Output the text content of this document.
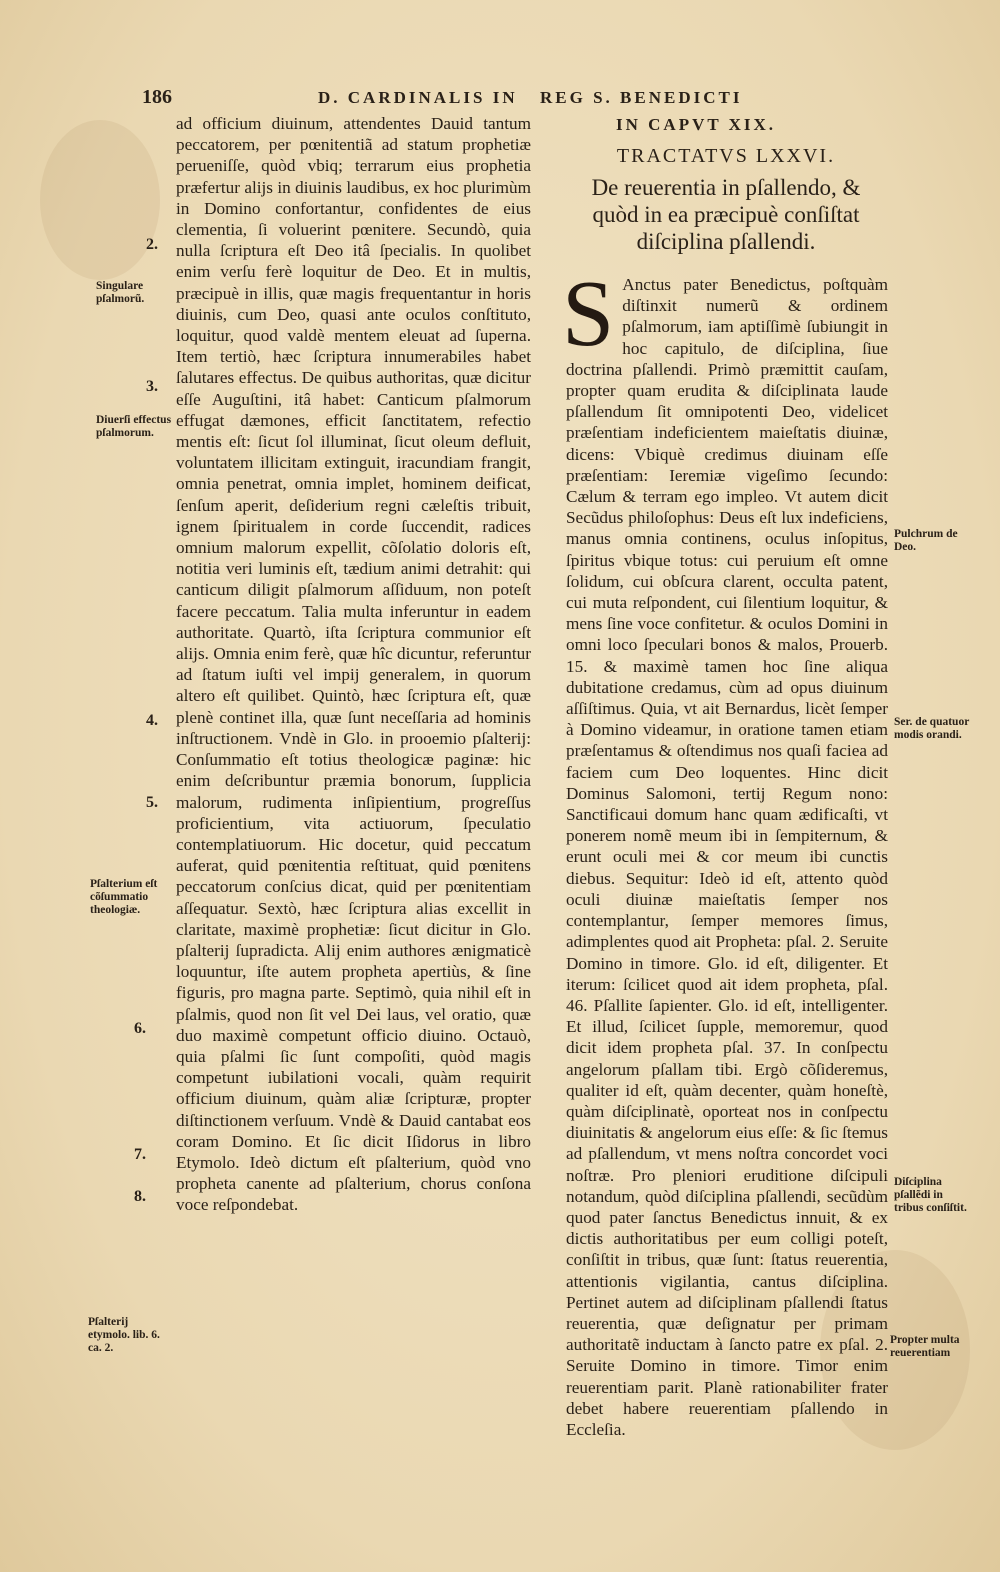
186	D. CARDINALIS IN REG S. BENEDICTI

ad officium diuinum, attendentes Dauid tantum peccatorem, per pœnitentiã ad statum prophetiæ perueniſſe, quòd vbiq; terrarum eius prophetia præfertur alijs in diuinis laudibus, ex hoc plurimùm in Domino confortantur, confidentes de eius clementia, ſi voluerint pœnitere. Secundò, quia nulla ſcriptura eſt Deo itâ ſpecialis. In quolibet enim verſu ferè loquitur de Deo. Et in multis, præcipuè in illis, quæ magis frequentantur in horis diuinis, cum Deo, quasi ante oculos conſtituto, loquitur, quod valdè mentem eleuat ad ſuperna. Item tertiò, hæc ſcriptura innumerabiles habet ſalutares effectus. De quibus authoritas, quæ dicitur eſſe Auguſtini, itâ habet: Canticum pſalmorum effugat dæmones, efficit ſanctitatem, refectio mentis eſt: ſicut ſol illuminat, ſicut oleum defluit, voluntatem illicitam extinguit, iracundiam frangit, omnia penetrat, omnia implet, hominem deificat, ſenſum aperit, deſiderium regni cæleſtis tribuit, ignem ſpiritualem in corde ſuccendit, radices omnium malorum expellit, cõſolatio doloris eſt, notitia veri luminis eſt, tædium animi detrahit: qui canticum diligit pſalmorum aſſiduum, non poteſt facere peccatum. Talia multa inferuntur in eadem authoritate. Quartò, iſta ſcriptura communior eſt alijs. Omnia enim ferè, quæ hîc dicuntur, referuntur ad ſtatum iuſti vel impij generalem, in quorum altero eſt quilibet. Quintò, hæc ſcriptura eſt, quæ plenè continet illa, quæ ſunt neceſſaria ad hominis inſtructionem. Vndè in Glo. in prooemio pſalterij: Conſummatio eſt totius theologicæ paginæ: hic enim deſcribuntur præmia bonorum, ſupplicia malorum, rudimenta inſipientium, progreſſus proficientium, vita actiuorum, ſpeculatio contemplatiuorum. Hic docetur, quid peccatum auferat, quid pœnitentia reſtituat, quid pœnitens peccatorum conſcius dicat, quid per pœnitentiam aſſequatur. Sextò, hæc ſcriptura alias excellit in claritate, maximè prophetiæ: ſicut dicitur in Glo. pſalterij ſupradicta. Alij enim authores ænigmaticè loquuntur, iſte autem propheta apertiùs, & ſine figuris, pro magna parte. Septimò, quia nihil eſt in pſalmis, quod non ſit vel Dei laus, vel oratio, quæ duo maximè competunt officio diuino. Octauò, quia pſalmi ſic ſunt compoſiti, quòd magis competunt iubilationi vocali, quàm requirit officium diuinum, quàm aliæ ſcripturæ, propter diſtinctionem verſuum. Vndè & Dauid cantabat eos coram Domino. Et ſic dicit Iſidorus in libro Etymolo. Ideò dictum eſt pſalterium, quòd vno propheta canente ad pſalterium, chorus conſona voce reſpondebat.

IN CAPVT XIX.
TRACTATVS LXXVI.
De reuerentia in pſallendo, & quòd in ea præcipuè conſiſtat diſciplina pſallendi.
S Anctus pater Benedictus, poſtquàm diſtinxit numerũ & ordinem pſalmorum, iam aptiſſimè ſubiungit in hoc capitulo, de diſciplina, ſiue doctrina pſallendi. Primò præmittit cauſam, propter quam erudita & diſciplinata laude pſallendum ſit omnipotenti Deo, videlicet præſentiam indeficientem maieſtatis diuinæ, dicens: Vbiquè credimus diuinam eſſe præſentiam: Ieremiæ vigeſimo ſecundo: Cælum & terram ego impleo. Vt autem dicit Secũdus philoſophus: Deus eſt lux indeficiens, manus omnia continens, oculus inſopitus, ſpiritus vbique totus: cui peruium eſt omne ſolidum, cui obſcura clarent, occulta patent, cui muta reſpondent, cui ſilentium loquitur, & mens ſine voce confitetur. & oculos Domini in omni loco ſpeculari bonos & malos, Prouerb. 15. & maximè tamen hoc ſine aliqua dubitatione credamus, cùm ad opus diuinum aſſiſtimus. Quia, vt ait Bernardus, licèt ſemper à Domino videamur, in oratione tamen etiam præſentamus & oſtendimus nos quaſi faciea ad faciem cum Deo loquentes. Hinc dicit Dominus Salomoni, tertij Regum nono: Sanctificaui domum hanc quam ædificaſti, vt ponerem nomẽ meum ibi in ſempiternum, & erunt oculi mei & cor meum ibi cunctis diebus. Sequitur: Ideò id eſt, attento quòd oculi diuinæ maieſtatis ſemper nos contemplantur, ſemper memores ſimus, adimplentes quod ait Propheta: pſal. 2. Seruite Domino in timore. Glo. id eſt, diligenter. Et iterum: ſcilicet quod ait idem propheta, pſal. 46. Pſallite ſapienter. Glo. id eſt, intelligenter. Et illud, ſcilicet ſupple, memoremur, quod dicit idem propheta pſal. 37. In conſpectu angelorum pſallam tibi. Ergò cõſideremus, qualiter id eſt, quàm decenter, quàm honeſtè, quàm diſciplinatè, oporteat nos in conſpectu diuinitatis & angelorum eius eſſe: & ſic ſtemus ad pſallendum, vt mens noſtra concordet voci noſtræ. Pro pleniori eruditione diſcipuli notandum, quòd diſciplina pſallendi, secũdùm quod pater ſanctus Benedictus innuit, & ex dictis authoritatibus per eum colligi poteſt, conſiſtit in tribus, quæ ſunt: ſtatus reuerentia, attentionis vigilantia, cantus diſciplina. Pertinet autem ad diſciplinam pſallendi ſtatus reuerentia, quæ deſignatur per primam authoritatẽ inductam à ſancto patre ex pſal. 2. Seruite Domino in timore. Timor enim reuerentiam parit. Planè rationabiliter frater debet habere reuerentiam pſallendo in Eccleſia.

2.
Singulare pſalmorũ.
3.
Diuerſi effectus pſalmorum.
4.
5.
Pſalterium eſt cõſummatio theologiæ.
6.
7.
8.
Pſalterij etymolo. lib. 6. ca. 2.
Pulchrum de Deo.
Ser. de quatuor modis orandi.
Diſciplina pſallẽdi in tribus conſiſtit.
Propter multa reuerentiam
